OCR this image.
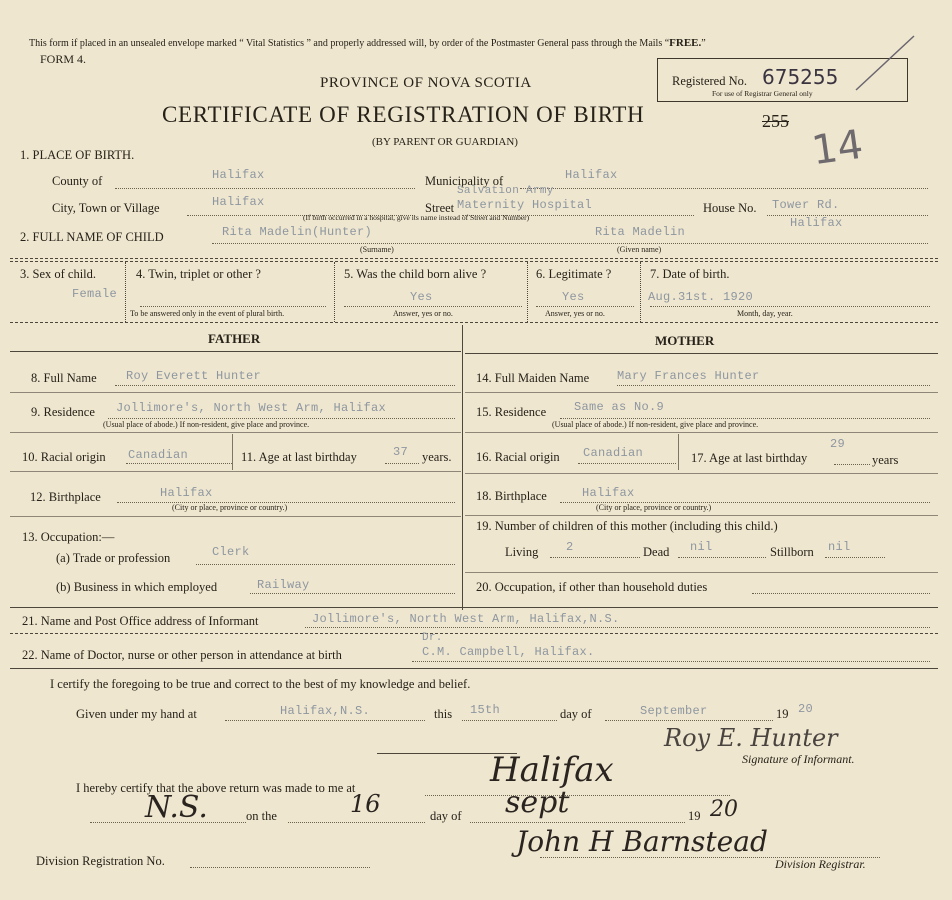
This form if placed in an unsealed envelope marked “ Vital Statistics ” and properly addressed will, by order of the Postmaster General pass through the Mails “FREE.”
FORM 4.
PROVINCE OF NOVA SCOTIA
CERTIFICATE OF REGISTRATION OF BIRTH
(BY PARENT OR GUARDIAN)
Registered No. 675255
For use of Registrar General only
255
14
1. PLACE OF BIRTH.
County of	Halifax	Municipality of	Halifax
City, Town or Village	Halifax	Street
Salvation Army
Maternity Hospital
(If birth occurred in a hospital, give its name instead of Street and Number)
House No. Tower Rd.
Halifax
2. FULL NAME OF CHILD	Rita Madelin(Hunter)	Rita Madelin
(Surname)	(Given name)
3. Sex of child.
Female
4. Twin, triplet or other ?
To be answered only in the event of plural birth.
5. Was the child born alive ?
Yes
Answer, yes or no.
6. Legitimate ?
Yes
Answer, yes or no.
7. Date of birth.
Aug.31st. 1920
Month, day, year.
FATHER	MOTHER
8. Full Name Roy Everett Hunter
9. Residence Jollimore's, North West Arm, Halifax
(Usual place of abode.) If non-resident, give place and province.
10. Racial origin Canadian	11. Age at last birthday	37 years.
12. Birthplace	Halifax
(City or place, province or country.)
13. Occupation:—
(a) Trade or profession	Clerk
(b) Business in which employed	Railway
14. Full Maiden Name Mary Frances Hunter
15. Residence Same as No.9
(Usual place of abode.) If non-resident, give place and province.
16. Racial origin Canadian	17. Age at last birthday
29
years
18. Birthplace	Halifax
(City or place, province or country.)
19. Number of children of this mother (including this child.)
Living 2	Dead nil	Stillborn nil
20. Occupation, if other than household duties
21. Name and Post Office address of Informant	Jollimore's, North West Arm, Halifax,N.S.
Dr.
22. Name of Doctor, nurse or other person in attendance at birth	C.M. Campbell, Halifax.
I certify the foregoing to be true and correct to the best of my knowledge and belief.
Given under my hand at	Halifax,N.S.	this 15th	day of	September	19 20
Roy E. Hunter
Signature of Informant.
I hereby certify that the above return was made to me at	Halifax
N.S.	on the	16	day of sept	19 20
Division Registration No.
John H Barnstead
Division Registrar.
